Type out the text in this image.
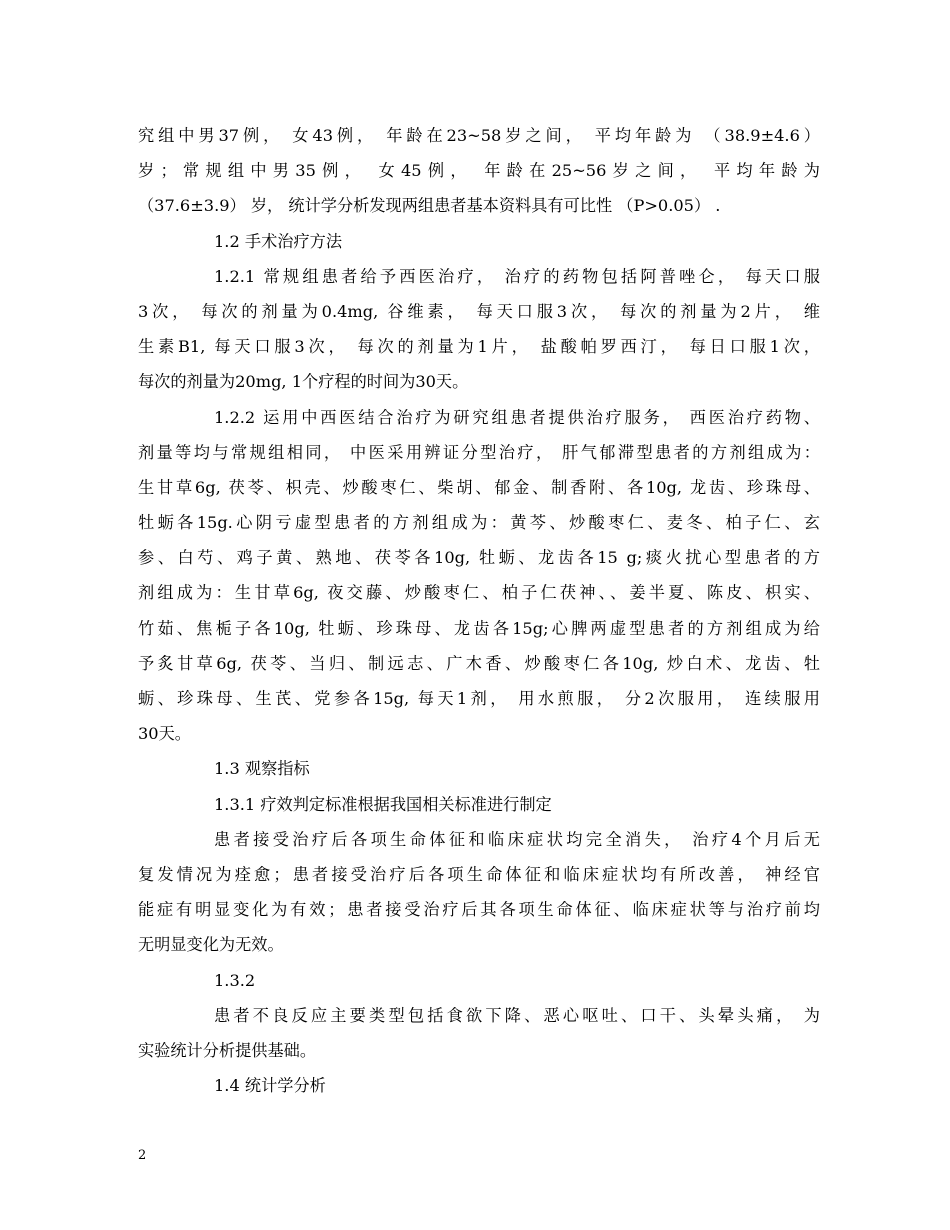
究组中男37例， 女43例， 年龄在23~58岁之间， 平均年龄为 （38.9±4.6）
岁；常规组中男35例， 女45例， 年龄在25~56岁之间， 平均年龄为
（37.6±3.9） 岁， 统计学分析发现两组患者基本资料具有可比性 （P>0.05） .
1.2 手术治疗方法
1.2.1 常规组患者给予西医治疗， 治疗的药物包括阿普唑仑， 每天口服
3次， 每次的剂量为0.4mg, 谷维素， 每天口服3次， 每次的剂量为2片， 维
生素B1, 每天口服3次， 每次的剂量为1片， 盐酸帕罗西汀， 每日口服1次，
每次的剂量为20mg, 1个疗程的时间为30天。
1.2.2 运用中西医结合治疗为研究组患者提供治疗服务， 西医治疗药物、
剂量等均与常规组相同， 中医采用辨证分型治疗， 肝气郁滞型患者的方剂组成为：
生甘草6g, 茯苓、枳壳、炒酸枣仁、柴胡、郁金、制香附、各10g, 龙齿、珍珠母、
牡蛎各15g.心阴亏虚型患者的方剂组成为：黄芩、炒酸枣仁、麦冬、柏子仁、玄
参、白芍、鸡子黄、熟地、茯苓各10g, 牡蛎、龙齿各15 g;痰火扰心型患者的方
剂组成为：生甘草6g, 夜交藤、炒酸枣仁、柏子仁茯神、、姜半夏、陈皮、枳实、
竹茹、焦栀子各10g, 牡蛎、珍珠母、龙齿各15g;心脾两虚型患者的方剂组成为给
予炙甘草6g, 茯苓、当归、制远志、广木香、炒酸枣仁各10g, 炒白术、龙齿、牡
蛎、珍珠母、生芪、党参各15g, 每天1剂， 用水煎服， 分2次服用， 连续服用
30天。
1.3 观察指标
1.3.1 疗效判定标准根据我国相关标准进行制定
患者接受治疗后各项生命体征和临床症状均完全消失， 治疗4个月后无
复发情况为痊愈；患者接受治疗后各项生命体征和临床症状均有所改善， 神经官
能症有明显变化为有效；患者接受治疗后其各项生命体征、临床症状等与治疗前均
无明显变化为无效。
1.3.2
患者不良反应主要类型包括食欲下降、恶心呕吐、口干、头晕头痛， 为
实验统计分析提供基础。
1.4 统计学分析
2
